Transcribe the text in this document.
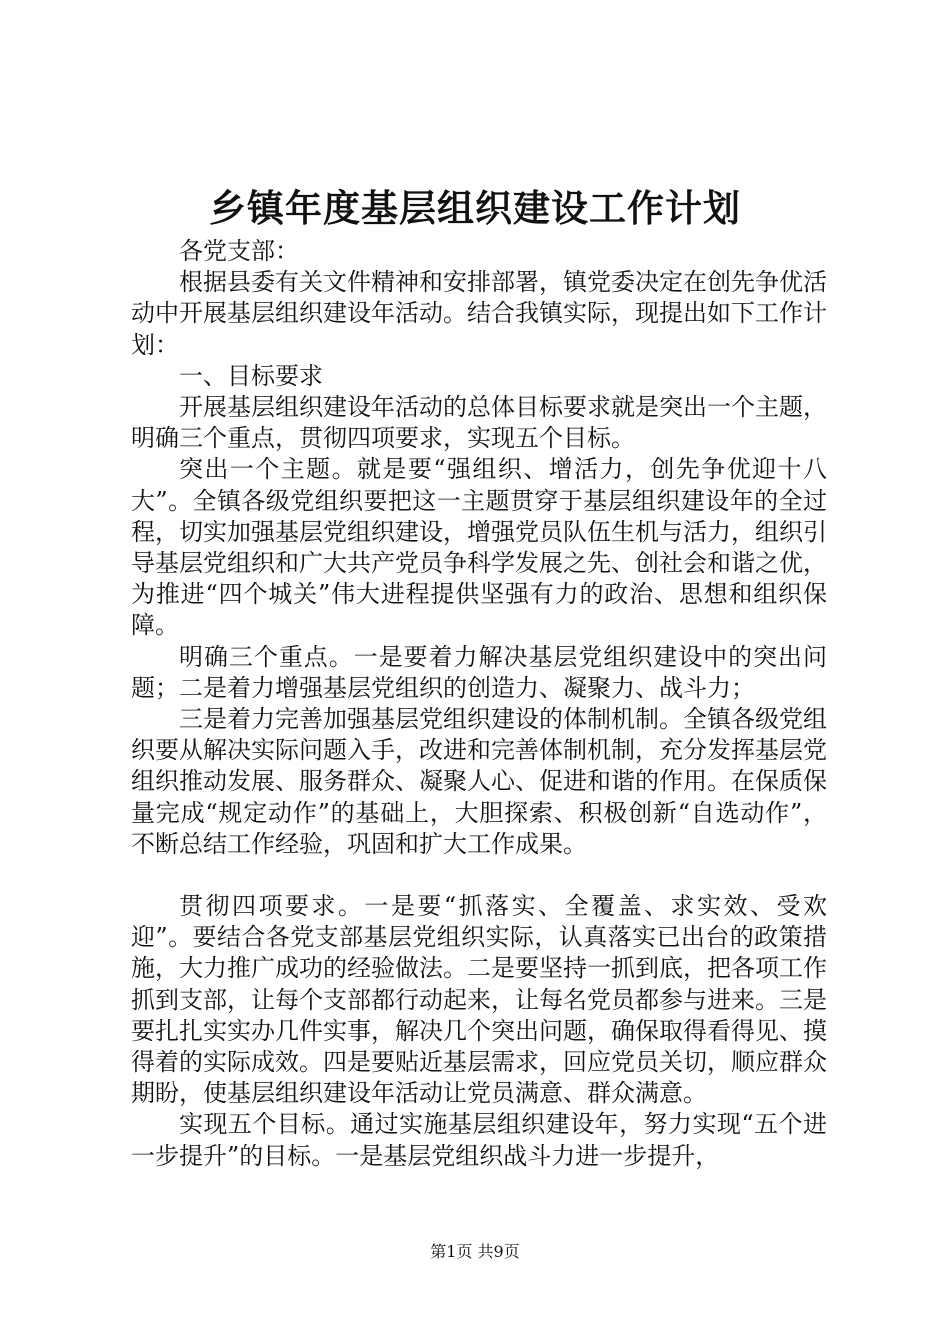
乡镇年度基层组织建设工作计划

各党支部：

根据县委有关文件精神和安排部署，镇党委决定在创先争优活动中开展基层组织建设年活动。结合我镇实际，现提出如下工作计划：

一、目标要求

开展基层组织建设年活动的总体目标要求就是突出一个主题，明确三个重点，贯彻四项要求，实现五个目标。

突出一个主题。就是要“强组织、增活力，创先争优迎十八大”。全镇各级党组织要把这一主题贯穿于基层组织建设年的全过程，切实加强基层党组织建设，增强党员队伍生机与活力，组织引导基层党组织和广大共产党员争科学发展之先、创社会和谐之优，为推进“四个城关”伟大进程提供坚强有力的政治、思想和组织保障。

明确三个重点。一是要着力解决基层党组织建设中的突出问题；二是着力增强基层党组织的创造力、凝聚力、战斗力；

三是着力完善加强基层党组织建设的体制机制。全镇各级党组织要从解决实际问题入手，改进和完善体制机制，充分发挥基层党组织推动发展、服务群众、凝聚人心、促进和谐的作用。在保质保量完成“规定动作”的基础上，大胆探索、积极创新“自选动作”，不断总结工作经验，巩固和扩大工作成果。

贯彻四项要求。一是要“抓落实、全覆盖、求实效、受欢迎”。要结合各党支部基层党组织实际，认真落实已出台的政策措施，大力推广成功的经验做法。二是要坚持一抓到底，把各项工作抓到支部，让每个支部都行动起来，让每名党员都参与进来。三是要扎扎实实办几件实事，解决几个突出问题，确保取得看得见、摸得着的实际成效。四是要贴近基层需求，回应党员关切，顺应群众期盼，使基层组织建设年活动让党员满意、群众满意。

实现五个目标。通过实施基层组织建设年，努力实现“五个进一步提升”的目标。一是基层党组织战斗力进一步提升，

第1页 共9页
